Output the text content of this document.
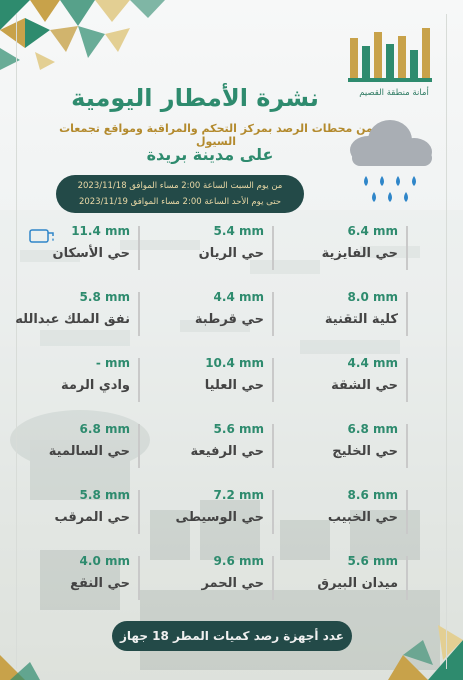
أمانة منطقة القصيم
نشرة الأمطار اليومية
من محطات الرصد بمركز التحكم والمراقبة ومواقع تجمعات السيول
على مدينة بريدة
من يوم السبت الساعة 2:00 مساء الموافق 2023/11/18
حتى يوم الأحد الساعة 2:00 مساء الموافق 2023/11/19
6.4 mm
حي الفايزية
5.4 mm
حي الريان
11.4 mm
حي الأسكان
8.0 mm
كلية التقنية
4.4 mm
حي قرطبة
5.8 mm
نفق الملك عبدالله
4.4 mm
حي الشقة
10.4 mm
حي العليا
- mm
وادي الرمة
6.8 mm
حي الخليج
5.6 mm
حي الرفيعة
6.8 mm
حي السالمية
8.6 mm
حي الخبيب
7.2 mm
حي الوسيطى
5.8 mm
حي المرقب
5.6 mm
ميدان البيرق
9.6 mm
حي الحمر
4.0 mm
حي النقع
عدد أجهزة رصد كميات المطر 18 جهاز
